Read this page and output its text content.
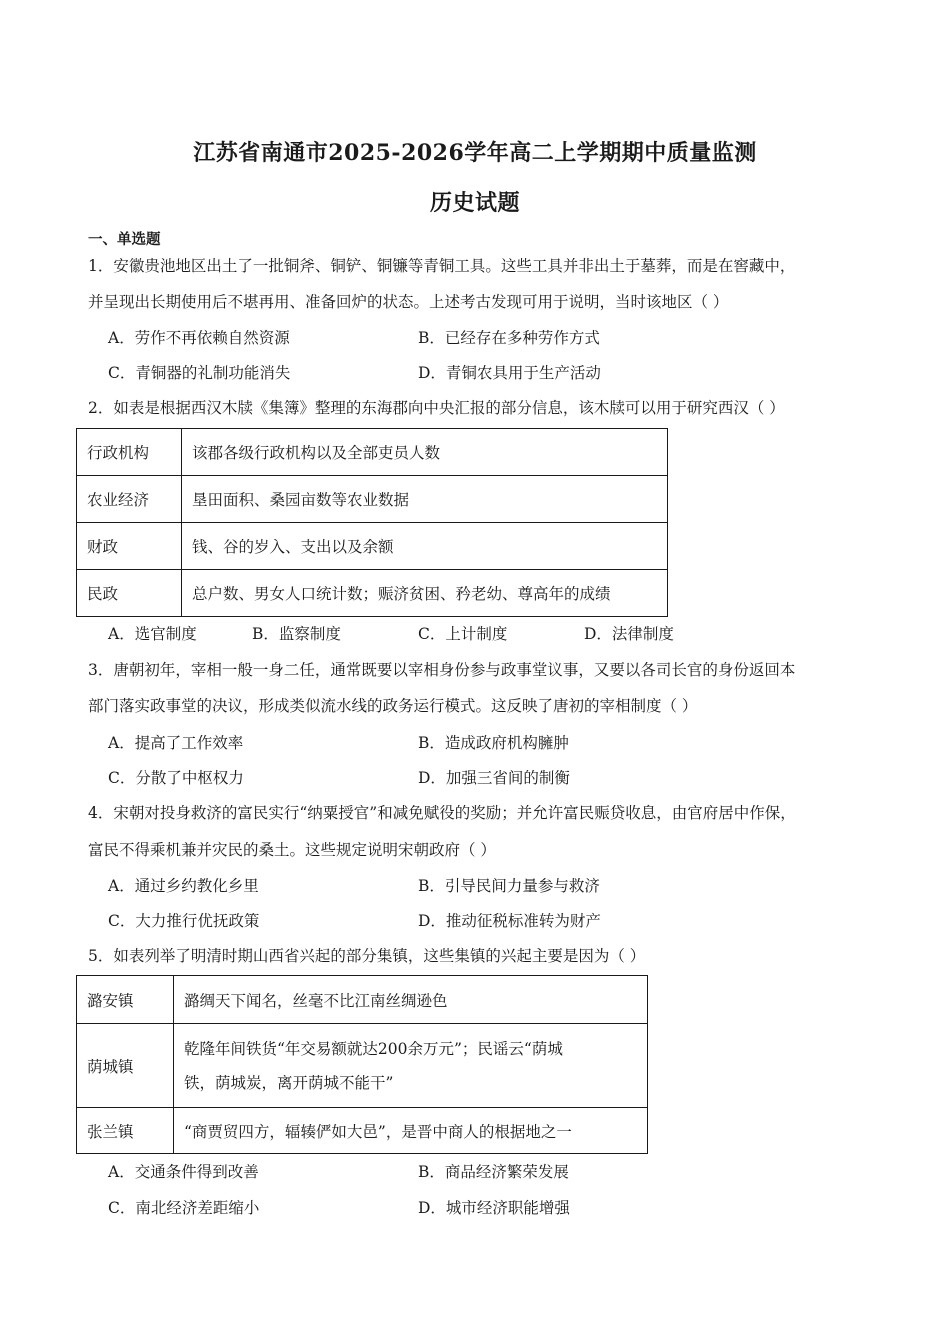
江苏省南通市2025-2026学年高二上学期期中质量监测
历史试题
一、单选题
1．安徽贵池地区出土了一批铜斧、铜铲、铜镰等青铜工具。这些工具并非出土于墓葬，而是在窖藏中，
并呈现出长期使用后不堪再用、准备回炉的状态。上述考古发现可用于说明，当时该地区（ ）
A．劳作不再依赖自然资源	B．已经存在多种劳作方式
C．青铜器的礼制功能消失	D．青铜农具用于生产活动
2．如表是根据西汉木牍《集簿》整理的东海郡向中央汇报的部分信息，该木牍可以用于研究西汉（ ）
行政机构	该郡各级行政机构以及全部吏员人数
农业经济	垦田面积、桑园亩数等农业数据
财政	钱、谷的岁入、支出以及余额
民政	总户数、男女人口统计数；赈济贫困、矜老幼、尊高年的成绩
A．选官制度	B．监察制度	C．上计制度	D．法律制度
3．唐朝初年，宰相一般一身二任，通常既要以宰相身份参与政事堂议事，又要以各司长官的身份返回本
部门落实政事堂的决议，形成类似流水线的政务运行模式。这反映了唐初的宰相制度（ ）
A．提高了工作效率	B．造成政府机构臃肿
C．分散了中枢权力	D．加强三省间的制衡
4．宋朝对投身救济的富民实行“纳粟授官”和减免赋役的奖励；并允许富民赈贷收息，由官府居中作保，
富民不得乘机兼并灾民的桑土。这些规定说明宋朝政府（ ）
A．通过乡约教化乡里	B．引导民间力量参与救济
C．大力推行优抚政策	D．推动征税标准转为财产
5．如表列举了明清时期山西省兴起的部分集镇，这些集镇的兴起主要是因为（ ）
潞安镇	潞绸天下闻名，丝毫不比江南丝绸逊色
荫城镇	乾隆年间铁货“年交易额就达200余万元”；民谣云“荫城
铁，荫城炭，离开荫城不能干”

张兰镇	“商贾贸四方，辐辏俨如大邑”，是晋中商人的根据地之一
A．交通条件得到改善	B．商品经济繁荣发展
C．南北经济差距缩小	D．城市经济职能增强
